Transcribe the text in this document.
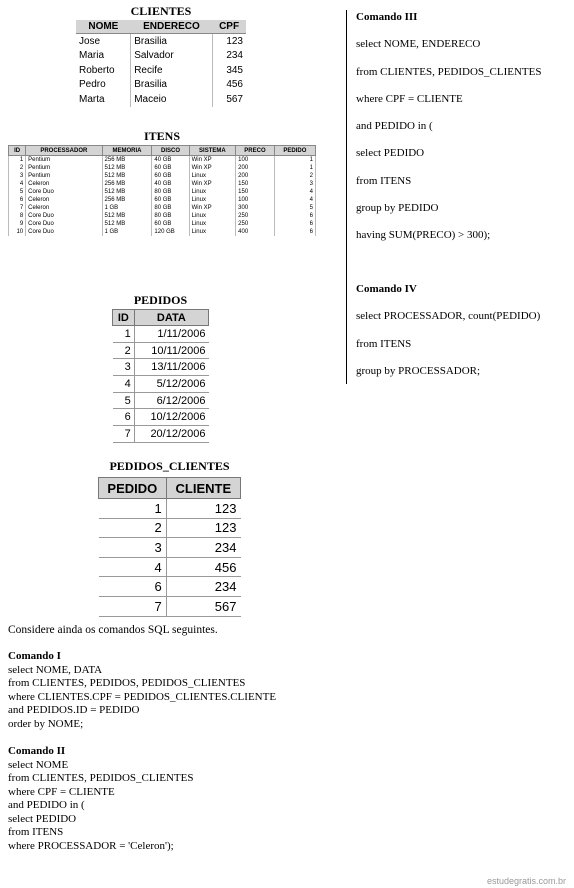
CLIENTES
NOME	ENDERECO	CPF
Jose	Brasilia	123
Maria	Salvador	234
Roberto	Recife	345
Pedro	Brasilia	456
Marta	Maceio	567
ITENS
ID	PROCESSADOR	MEMORIA	DISCO	SISTEMA	PRECO	PEDIDO
1	Pentium	256 MB	40 GB	Win XP	100	1
2	Pentium	512 MB	60 GB	Win XP	200	1
3	Pentium	512 MB	60 GB	Linux	200	2
4	Celeron	256 MB	40 GB	Win XP	150	3
5	Core Duo	512 MB	80 GB	Linux	150	4
6	Celeron	256 MB	60 GB	Linux	100	4
7	Celeron	1 GB	80 GB	Win XP	300	5
8	Core Duo	512 MB	80 GB	Linux	250	6
9	Core Duo	512 MB	60 GB	Linux	250	6
10	Core Duo	1 GB	120 GB	Linux	400	6
PEDIDOS
ID	DATA
1	1/11/2006
2	10/11/2006
3	13/11/2006
4	5/12/2006
5	6/12/2006
6	10/12/2006
7	20/12/2006
PEDIDOS_CLIENTES
PEDIDO	CLIENTE
1	123
2	123
3	234
4	456
6	234
7	567
Considere ainda os comandos SQL seguintes.
Comando I
select NOME, DATA
from CLIENTES, PEDIDOS, PEDIDOS_CLIENTES
where CLIENTES.CPF = PEDIDOS_CLIENTES.CLIENTE
and PEDIDOS.ID = PEDIDO
order by NOME;
Comando II
select NOME
from CLIENTES, PEDIDOS_CLIENTES
where CPF = CLIENTE
and PEDIDO in (
select PEDIDO
from ITENS
where PROCESSADOR = 'Celeron');
Comando III
select NOME, ENDERECO
from CLIENTES, PEDIDOS_CLIENTES
where CPF = CLIENTE
and PEDIDO in (
select PEDIDO
from ITENS
group by PEDIDO
having SUM(PRECO) > 300);
Comando IV
select PROCESSADOR, count(PEDIDO)
from ITENS
group by PROCESSADOR;
estudegratis.com.br
